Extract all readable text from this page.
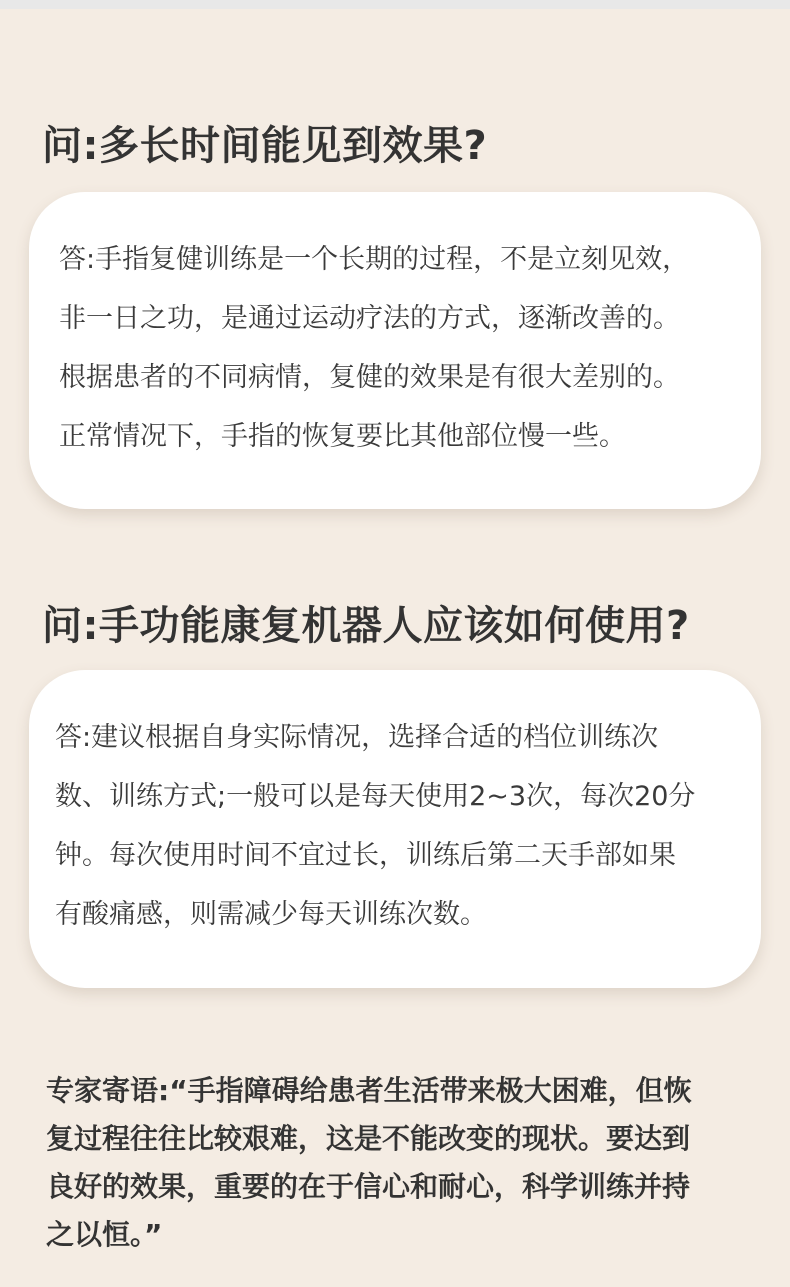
问:多长时间能见到效果?
答:手指复健训练是一个长期的过程，不是立刻见效，
非一日之功，是通过运动疗法的方式，逐渐改善的。
根据患者的不同病情，复健的效果是有很大差别的。
正常情况下，手指的恢复要比其他部位慢一些。
问:手功能康复机器人应该如何使用?
答:建议根据自身实际情况，选择合适的档位训练次
数、训练方式;一般可以是每天使用2~3次，每次20分
钟。每次使用时间不宜过长，训练后第二天手部如果
有酸痛感，则需减少每天训练次数。
专家寄语:“手指障碍给患者生活带来极大困难，但恢
复过程往往比较艰难，这是不能改变的现状。要达到
良好的效果，重要的在于信心和耐心，科学训练并持
之以恒。”
